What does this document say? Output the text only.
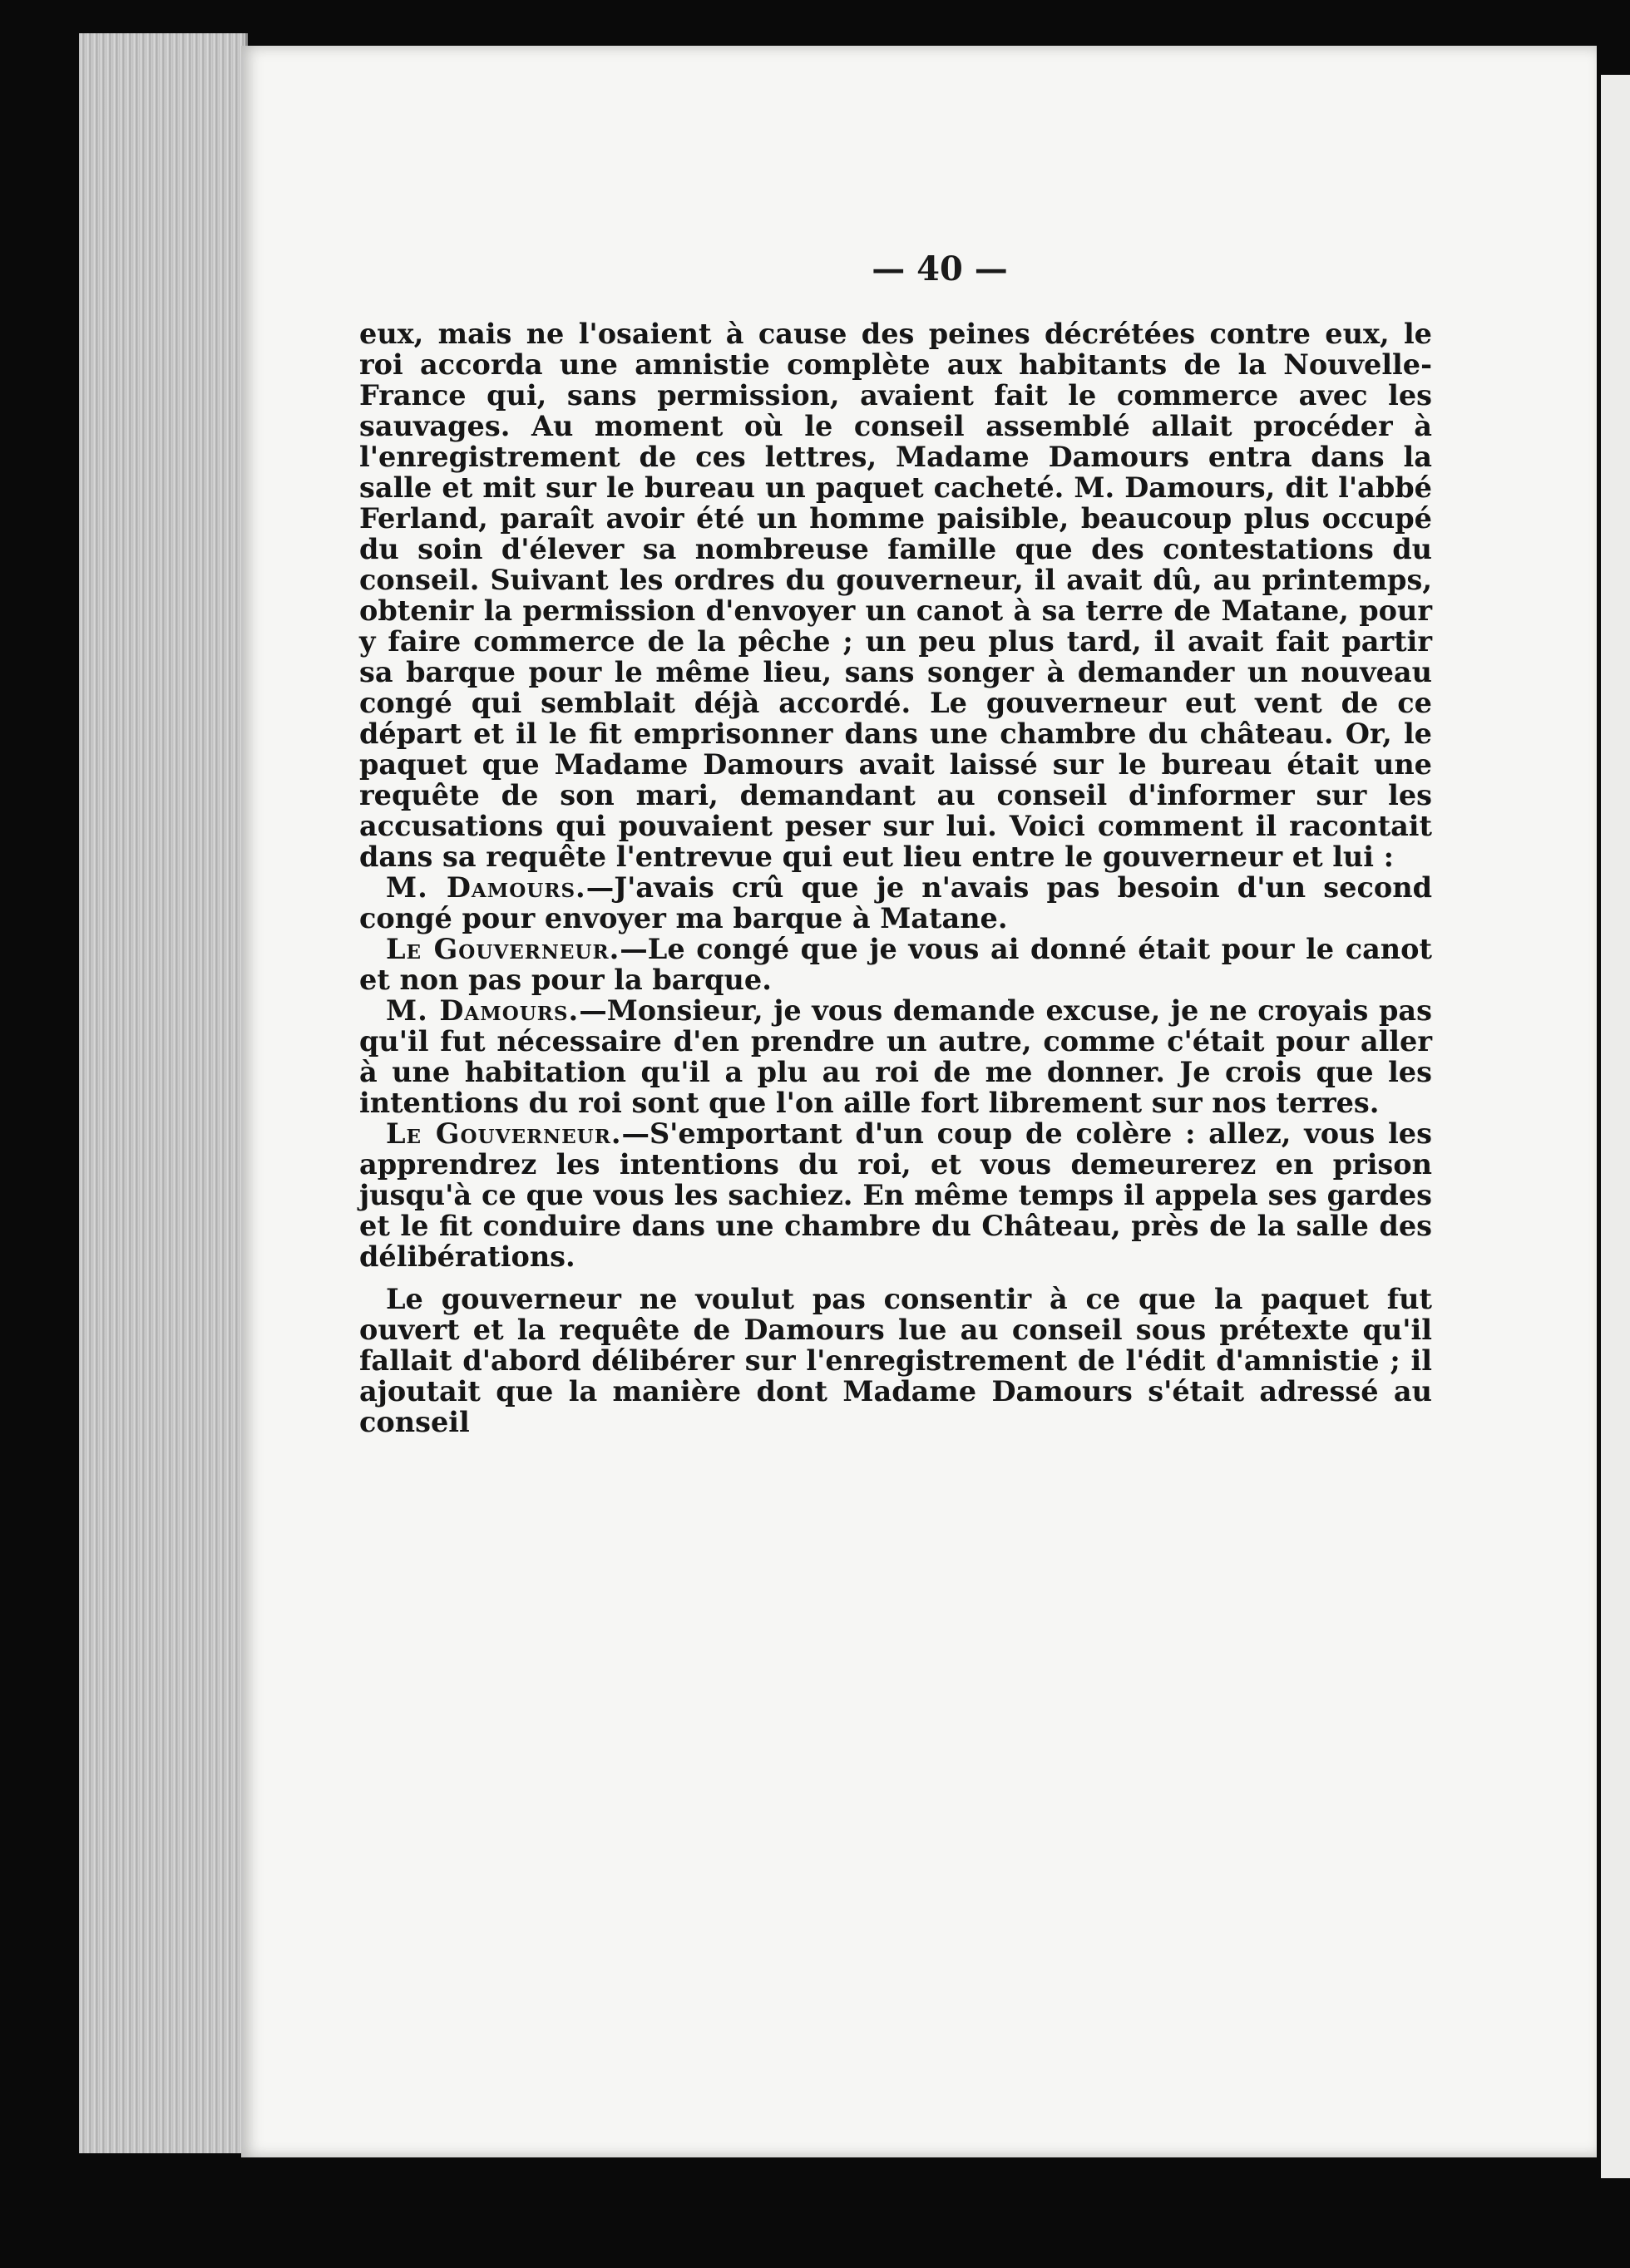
— 40 —

eux, mais ne l'osaient à cause des peines décrétées contre eux, le roi accorda une amnistie complète aux habitants de la Nouvelle-France qui, sans permission, avaient fait le commerce avec les sauvages. Au moment où le conseil assemblé allait procéder à l'enregistrement de ces lettres, Madame Damours entra dans la salle et mit sur le bureau un paquet cacheté. M. Damours, dit l'abbé Ferland, paraît avoir été un homme paisible, beaucoup plus occupé du soin d'élever sa nombreuse famille que des contestations du conseil. Suivant les ordres du gouverneur, il avait dû, au printemps, obtenir la permission d'envoyer un canot à sa terre de Matane, pour y faire commerce de la pêche ; un peu plus tard, il avait fait partir sa barque pour le même lieu, sans songer à demander un nouveau congé qui semblait déjà accordé. Le gouverneur eut vent de ce départ et il le fit emprisonner dans une chambre du château. Or, le paquet que Madame Damours avait laissé sur le bureau était une requête de son mari, demandant au conseil d'informer sur les accusations qui pouvaient peser sur lui. Voici comment il racontait dans sa requête l'entrevue qui eut lieu entre le gouverneur et lui :

M. Damours.—J'avais crû que je n'avais pas besoin d'un second congé pour envoyer ma barque à Matane.

Le Gouverneur.—Le congé que je vous ai donné était pour le canot et non pas pour la barque.

M. Damours.—Monsieur, je vous demande excuse, je ne croyais pas qu'il fut nécessaire d'en prendre un autre, comme c'était pour aller à une habitation qu'il a plu au roi de me donner. Je crois que les intentions du roi sont que l'on aille fort librement sur nos terres.

Le Gouverneur.—S'emportant d'un coup de colère : allez, vous les apprendrez les intentions du roi, et vous demeurerez en prison jusqu'à ce que vous les sachiez. En même temps il appela ses gardes et le fit conduire dans une chambre du Château, près de la salle des délibérations.

Le gouverneur ne voulut pas consentir à ce que la paquet fut ouvert et la requête de Damours lue au conseil sous prétexte qu'il fallait d'abord délibérer sur l'enregistrement de l'édit d'amnistie ; il ajoutait que la manière dont Madame Damours s'était adressé au conseil
